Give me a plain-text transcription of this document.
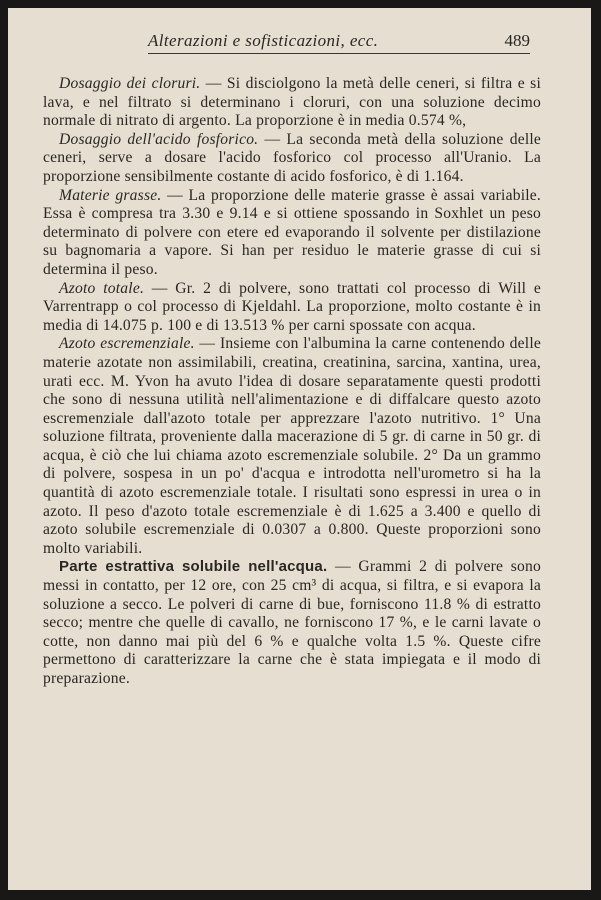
Alterazioni e sofisticazioni, ecc.	489

Dosaggio dei cloruri. — Si disciolgono la metà delle ceneri, si filtra e si lava, e nel filtrato si determinano i cloruri, con una soluzione decimo normale di nitrato di argento. La proporzione è in media 0.574 %,

Dosaggio dell'acido fosforico. — La seconda metà della soluzione delle ceneri, serve a dosare l'acido fosforico col processo all'Uranio. La proporzione sensibilmente costante di acido fosforico, è di 1.164.

Materie grasse. — La proporzione delle materie grasse è assai variabile. Essa è compresa tra 3.30 e 9.14 e si ottiene spossando in Soxhlet un peso determinato di polvere con etere ed evaporando il solvente per distilazione su bagnomaria a vapore. Si han per residuo le materie grasse di cui si determina il peso.

Azoto totale. — Gr. 2 di polvere, sono trattati col processo di Will e Varrentrapp o col processo di Kjeldahl. La proporzione, molto costante è in media di 14.075 p. 100 e di 13.513 % per carni spossate con acqua.

Azoto escremenziale. — Insieme con l'albumina la carne contenendo delle materie azotate non assimilabili, creatina, creatinina, sarcina, xantina, urea, urati ecc. M. Yvon ha avuto l'idea di dosare separatamente questi prodotti che sono di nessuna utilità nell'alimentazione e di diffalcare questo azoto escremenziale dall'azoto totale per apprezzare l'azoto nutritivo. 1° Una soluzione filtrata, proveniente dalla macerazione di 5 gr. di carne in 50 gr. di acqua, è ciò che lui chiama azoto escremenziale solubile. 2° Da un grammo di polvere, sospesa in un po' d'acqua e introdotta nell'urometro si ha la quantità di azoto escremenziale totale. I risultati sono espressi in urea o in azoto. Il peso d'azoto totale escremenziale è di 1.625 a 3.400 e quello di azoto solubile escremenziale di 0.0307 a 0.800. Queste proporzioni sono molto variabili.

Parte estrattiva solubile nell'acqua. — Grammi 2 di polvere sono messi in contatto, per 12 ore, con 25 cm³ di acqua, si filtra, e si evapora la soluzione a secco. Le polveri di carne di bue, forniscono 11.8 % di estratto secco; mentre che quelle di cavallo, ne forniscono 17 %, e le carni lavate o cotte, non danno mai più del 6 % e qualche volta 1.5 %. Queste cifre permettono di caratterizzare la carne che è stata impiegata e il modo di preparazione.
